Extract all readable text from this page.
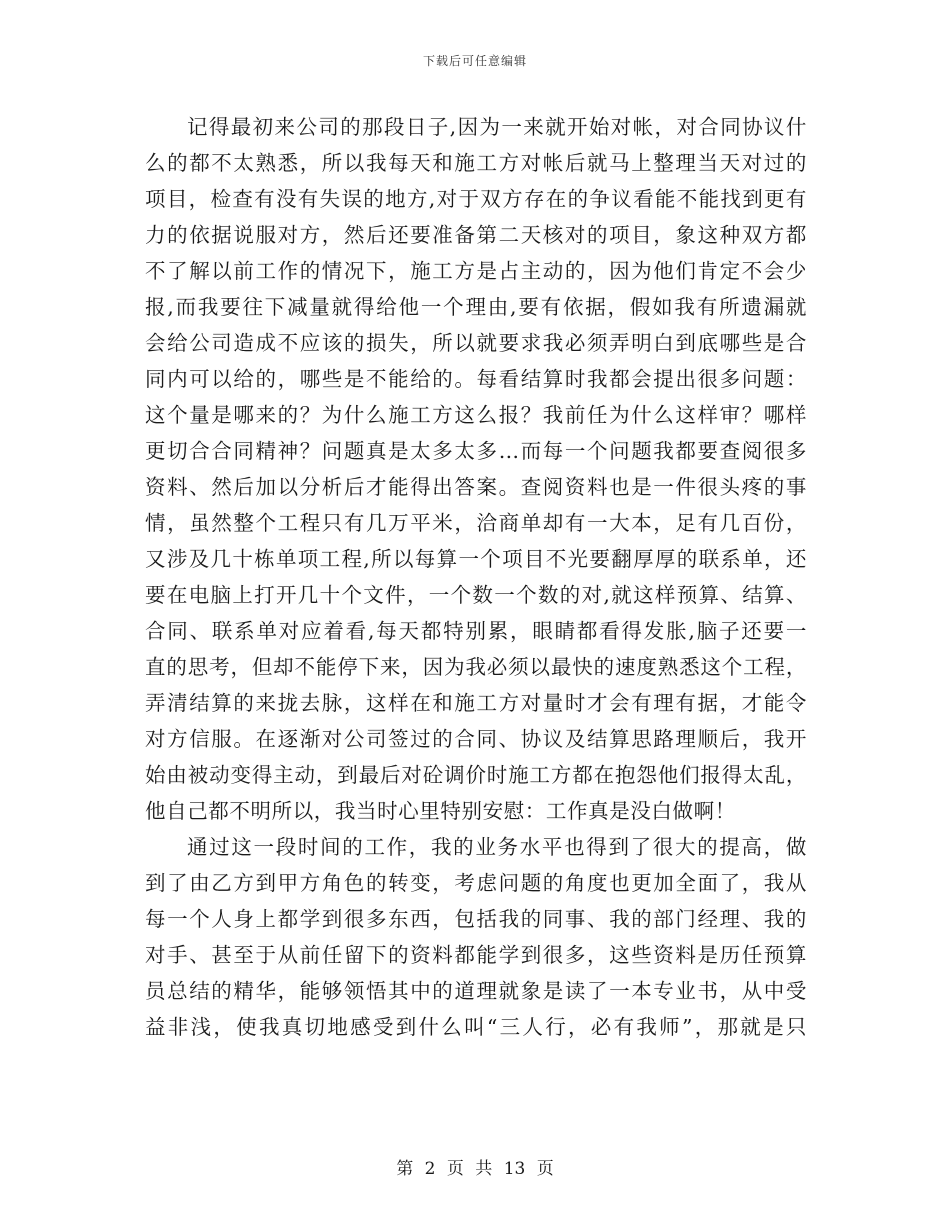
下载后可任意编辑
记得最初来公司的那段日子,因为一来就开始对帐，对合同协议什
么的都不太熟悉，所以我每天和施工方对帐后就马上整理当天对过的
项目，检查有没有失误的地方,对于双方存在的争议看能不能找到更有
力的依据说服对方，然后还要准备第二天核对的项目，象这种双方都
不了解以前工作的情况下，施工方是占主动的，因为他们肯定不会少
报,而我要往下减量就得给他一个理由,要有依据，假如我有所遗漏就
会给公司造成不应该的损失，所以就要求我必须弄明白到底哪些是合
同内可以给的，哪些是不能给的。每看结算时我都会提出很多问题：
这个量是哪来的？为什么施工方这么报？我前任为什么这样审？哪样
更切合合同精神？问题真是太多太多…而每一个问题我都要查阅很多
资料、然后加以分析后才能得出答案。查阅资料也是一件很头疼的事
情，虽然整个工程只有几万平米，洽商单却有一大本，足有几百份，
又涉及几十栋单项工程,所以每算一个项目不光要翻厚厚的联系单，还
要在电脑上打开几十个文件，一个数一个数的对,就这样预算、结算、
合同、联系单对应着看,每天都特别累，眼睛都看得发胀,脑子还要一
直的思考，但却不能停下来，因为我必须以最快的速度熟悉这个工程，
弄清结算的来拢去脉，这样在和施工方对量时才会有理有据，才能令
对方信服。在逐渐对公司签过的合同、协议及结算思路理顺后，我开
始由被动变得主动，到最后对砼调价时施工方都在抱怨他们报得太乱，
他自己都不明所以，我当时心里特别安慰：工作真是没白做啊！
通过这一段时间的工作，我的业务水平也得到了很大的提高，做
到了由乙方到甲方角色的转变，考虑问题的角度也更加全面了，我从
每一个人身上都学到很多东西，包括我的同事、我的部门经理、我的
对手、甚至于从前任留下的资料都能学到很多，这些资料是历任预算
员总结的精华，能够领悟其中的道理就象是读了一本专业书，从中受
益非浅，使我真切地感受到什么叫“三人行，必有我师”，那就是只
第 2 页 共 13 页
